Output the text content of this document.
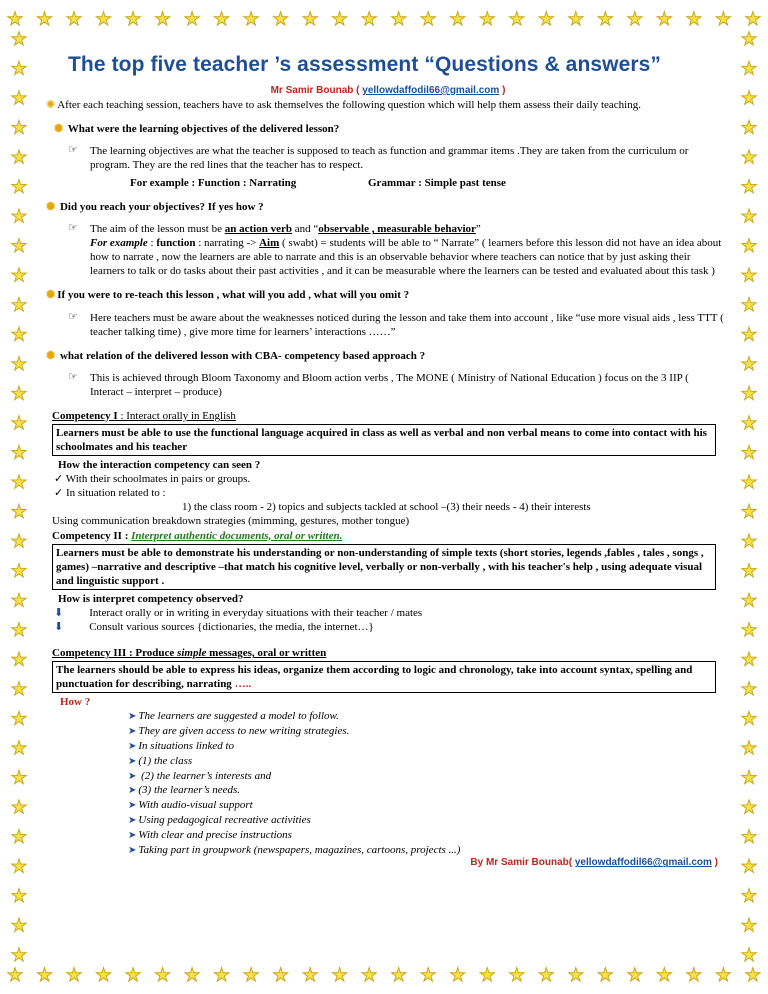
The top five teacher ’s assessment “Questions & answers”

Mr Samir Bounab ( yellowdaffodil66@gmail.com )

✺ After each teaching session, teachers have to ask themselves the following question which will help them assess their daily teaching.

✺ What were the learning objectives of the delivered lesson?
☞ The learning objectives are what the teacher is supposed to teach as function and grammar items .They are taken from the curriculum or program. They are the red lines that the teacher has to respect.
For example : Function : Narrating	Grammar : Simple past tense
✺ Did you reach your objectives? If yes how ?
☞ The aim of the lesson must be an action verb and “observable , measurable behavior”
For example : function : narrating -> Aim ( swabt) = students will be able to “ Narrate” ( learners before this lesson did not have an idea about how to narrate , now the learners are able to narrate and this is an observable behavior where teachers can notice that by just asking their learners to talk or do tasks about their past activities , and it can be measurable where the learners can be tested and evaluated about this task )
✺ If you were to re-teach this lesson , what will you add , what will you omit ?
☞ Here teachers must be aware about the weaknesses noticed during the lesson and take them into account , like “use more visual aids , less TTT ( teacher talking time) , give more time for learners’ interactions ……”
✺ what relation of the delivered lesson with CBA- competency based approach ?
☞ This is achieved through Bloom Taxonomy and Bloom action verbs , The MONE ( Ministry of National Education ) focus on the 3 IIP ( Interact – interpret – produce)
Competency I : Interact orally in English
Learners must be able to use the functional language acquired in class as well as verbal and non verbal means to come into contact with his schoolmates and his teacher
How the interaction competency can seen ?
✓ With their schoolmates in pairs or groups.
✓ In situation related to :
1) the class room - 2) topics and subjects tackled at school –(3) their needs - 4) their interests
Using communication breakdown strategies (mimming, gestures, mother tongue)
Competency II : Interpret authentic documents, oral or written.
Learners must be able to demonstrate his understanding or non-understanding of simple texts (short stories, legends ,fables , tales , songs , games) –narrative and descriptive –that match his cognitive level, verbally or non-verbally , with his teacher's help , using adequate visual and linguistic support .
How is interpret competency observed?
⬇ Interact orally or in writing in everyday situations with their teacher / mates
⬇ Consult various sources {dictionaries, the media, the internet…}
Competency III : Produce simple messages, oral or written
The learners should be able to express his ideas, organize them according to logic and chronology, take into account syntax, spelling and punctuation for describing, narrating …..
How ?
➤ The learners are suggested a model to follow.
➤ They are given access to new writing strategies.
➤ In situations linked to
➤ (1) the class
➤ (2) the learner’s interests and
➤ (3) the learner’s needs.
➤ With audio-visual support
➤ Using pedagogical recreative activities
➤ With clear and precise instructions
➤ Taking part in groupwork (newspapers, magazines, cartoons, projects ...)
By Mr Samir Bounab( yellowdaffodil66@gmail.com )
